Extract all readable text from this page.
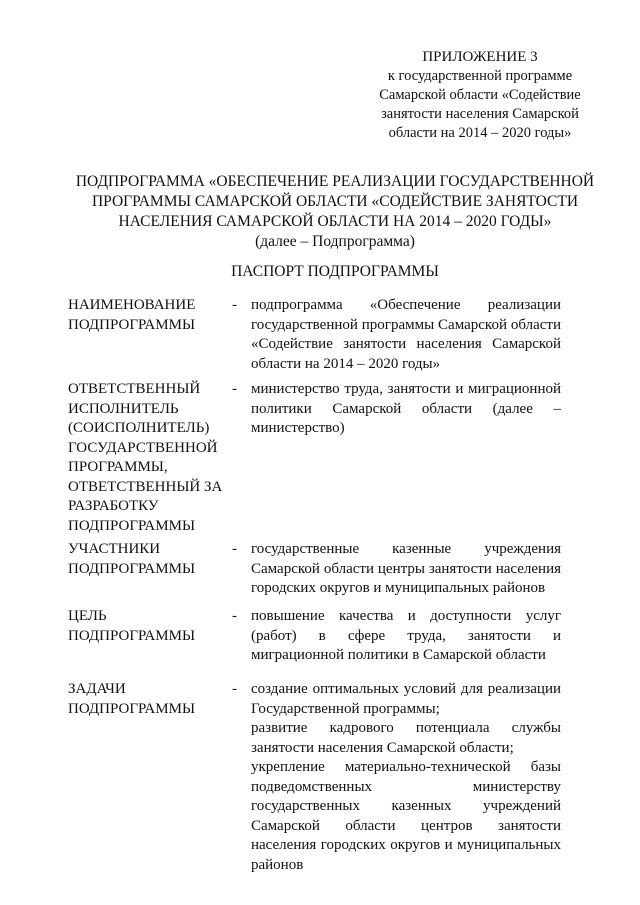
ПРИЛОЖЕНИЕ 3
к государственной программе
Самарской области «Содействие
занятости населения Самарской
области на 2014 – 2020 годы»
ПОДПРОГРАММА «ОБЕСПЕЧЕНИЕ РЕАЛИЗАЦИИ ГОСУДАРСТВЕННОЙ
ПРОГРАММЫ САМАРСКОЙ ОБЛАСТИ «СОДЕЙСТВИЕ ЗАНЯТОСТИ
НАСЕЛЕНИЯ САМАРСКОЙ ОБЛАСТИ НА 2014 – 2020 ГОДЫ»
(далее – Подпрограмма)
ПАСПОРТ ПОДПРОГРАММЫ
НАИМЕНОВАНИЕ
ПОДПРОГРАММЫ
- подпрограмма «Обеспечение реализации государственной программы Самарской области «Содействие занятости населения Самарской области на 2014 – 2020 годы»

ОТВЕТСТВЕННЫЙ
ИСПОЛНИТЕЛЬ
(СОИСПОЛНИТЕЛЬ)
ГОСУДАРСТВЕННОЙ
ПРОГРАММЫ,
ОТВЕТСТВЕННЫЙ ЗА
РАЗРАБОТКУ
ПОДПРОГРАММЫ
- министерство труда, занятости и миграционной политики Самарской области (далее – министерство)

УЧАСТНИКИ
ПОДПРОГРАММЫ
- государственные казенные учреждения Самарской области центры занятости населения городских округов и муниципальных районов

ЦЕЛЬ
ПОДПРОГРАММЫ
- повышение качества и доступности услуг (работ) в сфере труда, занятости и миграционной политики в Самарской области

ЗАДАЧИ
ПОДПРОГРАММЫ
- создание оптимальных условий для реализации Государственной программы;

развитие кадрового потенциала службы занятости населения Самарской области;

укрепление материально-технической базы подведомственных министерству государственных казенных учреждений Самарской области центров занятости населения городских округов и муниципальных районов
